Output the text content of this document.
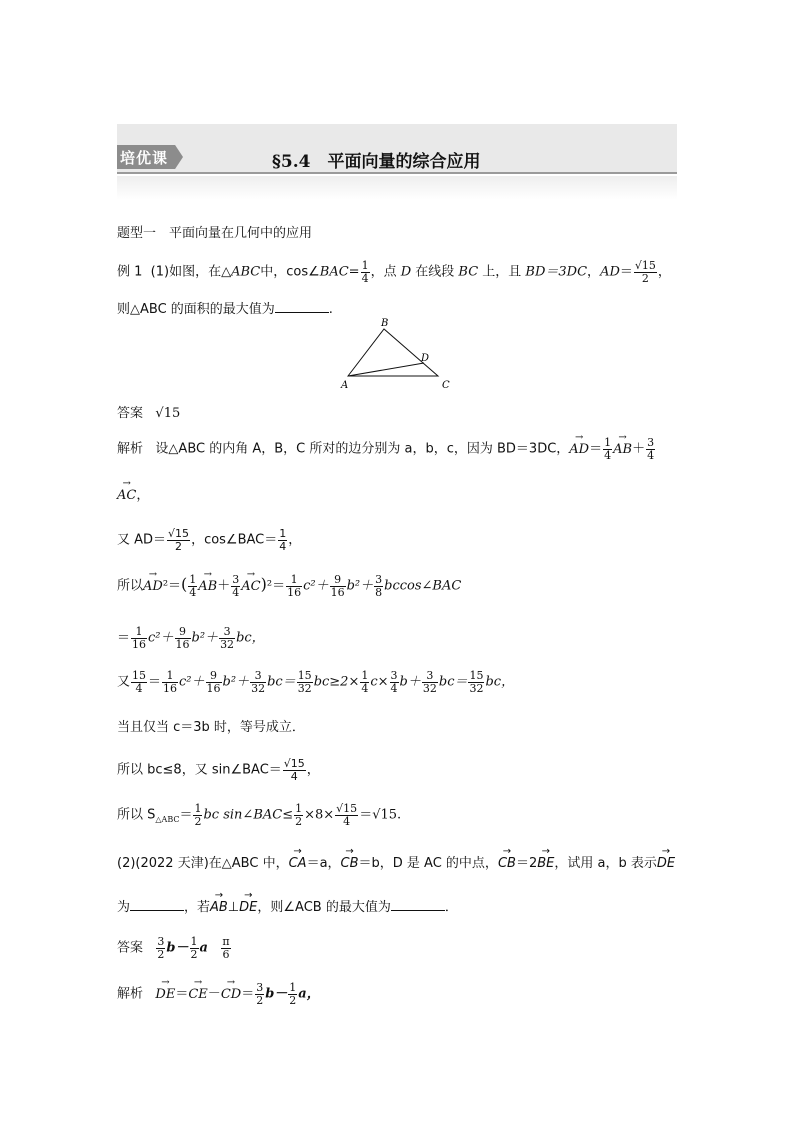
培优课	§5.4　平面向量的综合应用
题型一　平面向量在几何中的应用
例 1 (1)如图，在△ABC中，cos∠BAC= $\frac{1}{4}$ ，点 D 在线段 BC 上，且 BD＝3DC，$AD= \frac{√15}{2}$ ，
则△ABC 的面积的最大值为	.
A
B
C
D
答案 √15
解析 设△ABC 的内角 A，B，C 所对的边分别为 a，b，c，因为 BD＝3DC，→ $AD= \frac{1}{4}$
→ $AB+ \frac{3}{4}$
→ AC，
又 $AD= \frac{√15}{2}$ ，cos∠BAC＝ $\frac{1}{4}$ ，
所以→ $AD^2=( \frac{1}{4}$
→ $AB+ \frac{3}{4}$
→ $AC)^2= \frac{1}{16} c^2+ \frac{9}{16} b^2+ \frac{3}{8}$ bccos∠BAC
＝ $\frac{1}{16} c^2+ \frac{9}{16} b^2+ \frac{3}{32}$ bc，
又 $\frac{15}{4} = \frac{1}{16} c^2+ \frac{9}{16} b^2+ \frac{3}{32} bc= \frac{15}{32} bc\ge 2\times \frac{1}{4} c\times \frac{3}{4} b+ \frac{3}{32} bc= \frac{15}{32}$ bc，
当且仅当 c＝3b 时，等号成立．
所以 bc≤8，又 sin∠BAC＝ $\frac{√15}{4}$ ，
所以 $S_{\triangle ABC}= \frac{1}{2}$ bc sin∠BAC≤ $\frac{1}{2} \times 8\times \frac{√15}{4} =√15$.
(2)(2022 天津)在△ABC 中，→ CA＝a，→ CB＝b，D 是 AC 的中点，→ CB＝2→ BE，试用 a，b 表示→ DE
为	，若→ AB⊥→ DE，则∠ACB 的最大值为	．
答案 $\frac{3}{2} b- \frac{1}{2}$ a $\frac{\pi}{6}$
解析   → $DE=\to CE-\to CD= \frac{3}{2} b- \frac{1}{2}$ a，
